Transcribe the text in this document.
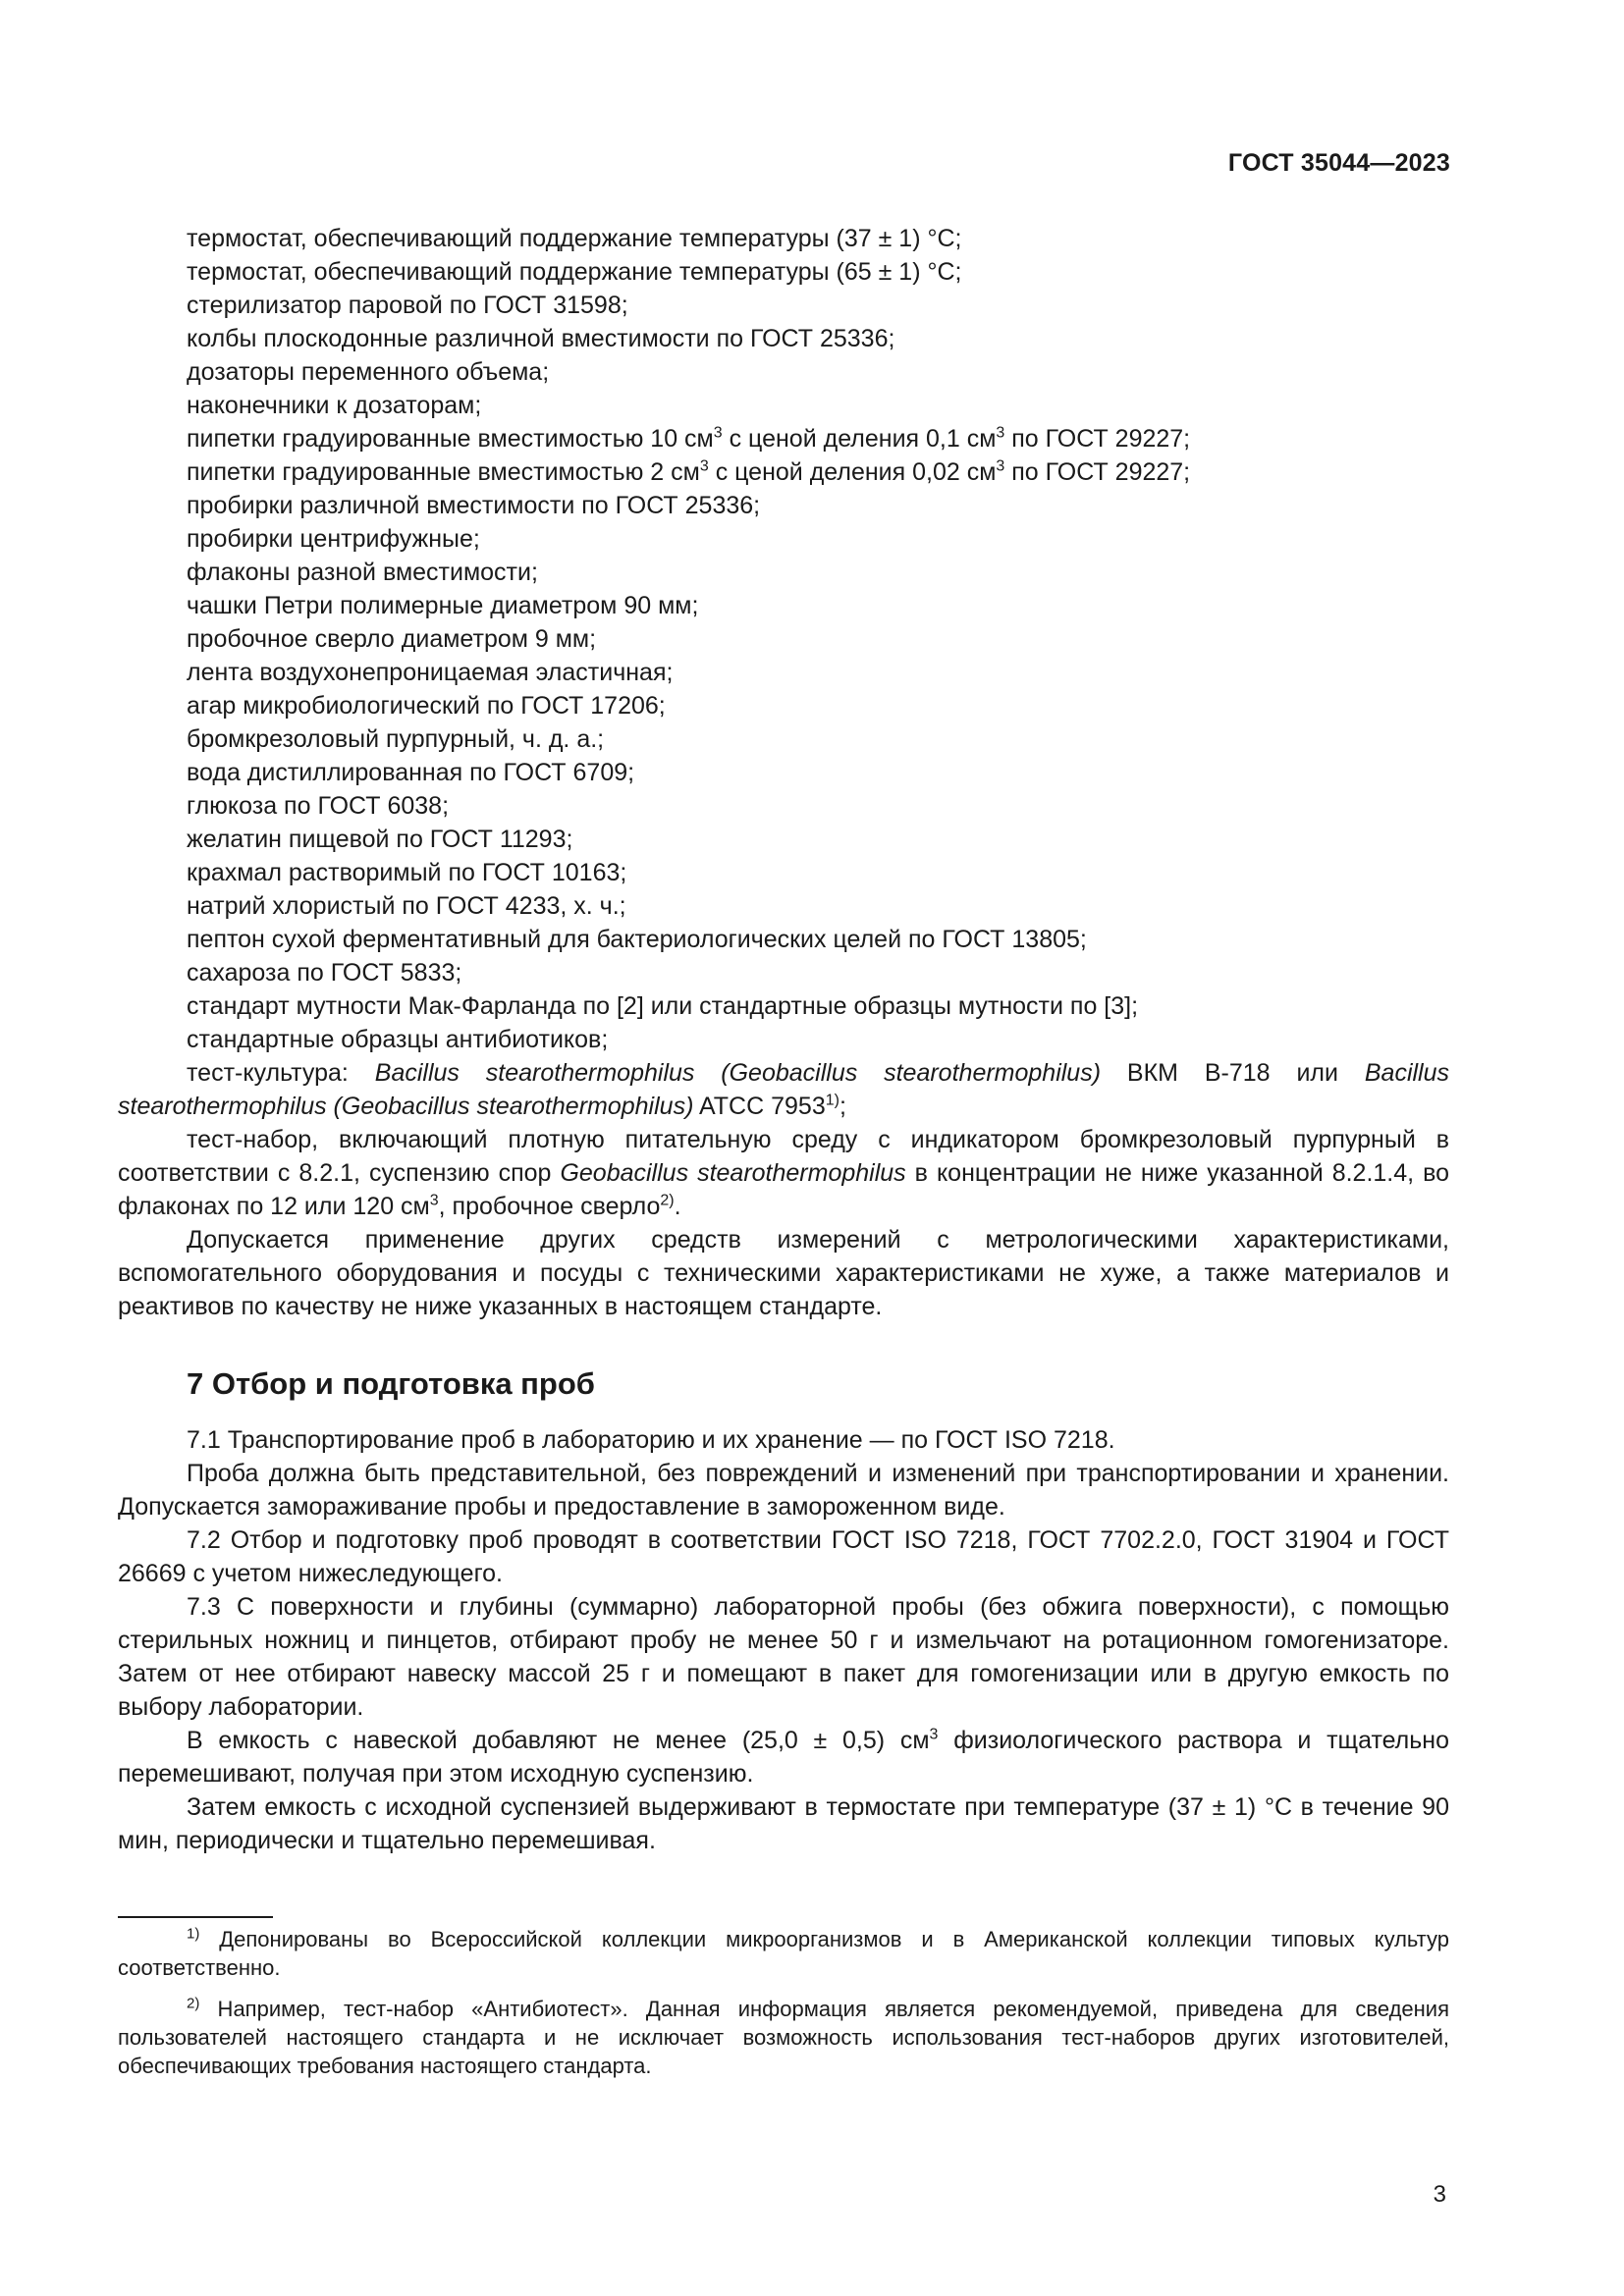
ГОСТ 35044—2023
термостат, обеспечивающий поддержание температуры (37 ± 1) °C;
термостат, обеспечивающий поддержание температуры (65 ± 1) °C;
стерилизатор паровой по ГОСТ 31598;
колбы плоскодонные различной вместимости по ГОСТ 25336;
дозаторы переменного объема;
наконечники к дозаторам;
пипетки градуированные вместимостью 10 $см^3$ с ценой деления 0,1 $см^3$ по ГОСТ 29227;
пипетки градуированные вместимостью 2 $см^3$ с ценой деления 0,02 $см^3$ по ГОСТ 29227;
пробирки различной вместимости по ГОСТ 25336;
пробирки центрифужные;
флаконы разной вместимости;
чашки Петри полимерные диаметром 90 мм;
пробочное сверло диаметром 9 мм;
лента воздухонепроницаемая эластичная;
агар микробиологический по ГОСТ 17206;
бромкрезоловый пурпурный, ч. д. а.;
вода дистиллированная по ГОСТ 6709;
глюкоза по ГОСТ 6038;
желатин пищевой по ГОСТ 11293;
крахмал растворимый по ГОСТ 10163;
натрий хлористый по ГОСТ 4233, х. ч.;
пептон сухой ферментативный для бактериологических целей по ГОСТ 13805;
сахароза по ГОСТ 5833;
стандарт мутности Мак-Фарланда по [2] или стандартные образцы мутности по [3];
стандартные образцы антибиотиков;
тест-культура: Bacillus stearothermophilus (Geobacillus stearothermophilus) ВКМ В-718 или Bacillus stearothermophilus (Geobacillus stearothermophilus) ATCC 7953$^{1)}$;
тест-набор, включающий плотную питательную среду с индикатором бромкрезоловый пурпурный в соответствии с 8.2.1, суспензию спор Geobacillus stearothermophilus в концентрации не ниже указанной 8.2.1.4, во флаконах по 12 или 120 $см^3$, пробочное сверло$^{2)}$.
Допускается применение других средств измерений с метрологическими характеристиками, вспомогательного оборудования и посуды с техническими характеристиками не хуже, а также материалов и реактивов по качеству не ниже указанных в настоящем стандарте.
7 Отбор и подготовка проб
7.1 Транспортирование проб в лабораторию и их хранение — по ГОСТ ISO 7218.
Проба должна быть представительной, без повреждений и изменений при транспортировании и хранении. Допускается замораживание пробы и предоставление в замороженном виде.
7.2 Отбор и подготовку проб проводят в соответствии ГОСТ ISO 7218, ГОСТ 7702.2.0, ГОСТ 31904 и ГОСТ 26669 с учетом нижеследующего.
7.3 С поверхности и глубины (суммарно) лабораторной пробы (без обжига поверхности), с помощью стерильных ножниц и пинцетов, отбирают пробу не менее 50 г и измельчают на ротационном гомогенизаторе. Затем от нее отбирают навеску массой 25 г и помещают в пакет для гомогенизации или в другую емкость по выбору лаборатории.
В емкость с навеской добавляют не менее (25,0 ± 0,5) $см^3$ физиологического раствора и тщательно перемешивают, получая при этом исходную суспензию.
Затем емкость с исходной суспензией выдерживают в термостате при температуре (37 ± 1) °C в течение 90 мин, периодически и тщательно перемешивая.
$^{1)}$ Депонированы во Всероссийской коллекции микроорганизмов и в Американской коллекции типовых культур соответственно.
$^{2)}$ Например, тест-набор «Антибиотест». Данная информация является рекомендуемой, приведена для сведения пользователей настоящего стандарта и не исключает возможность использования тест-наборов других изготовителей, обеспечивающих требования настоящего стандарта.
3
